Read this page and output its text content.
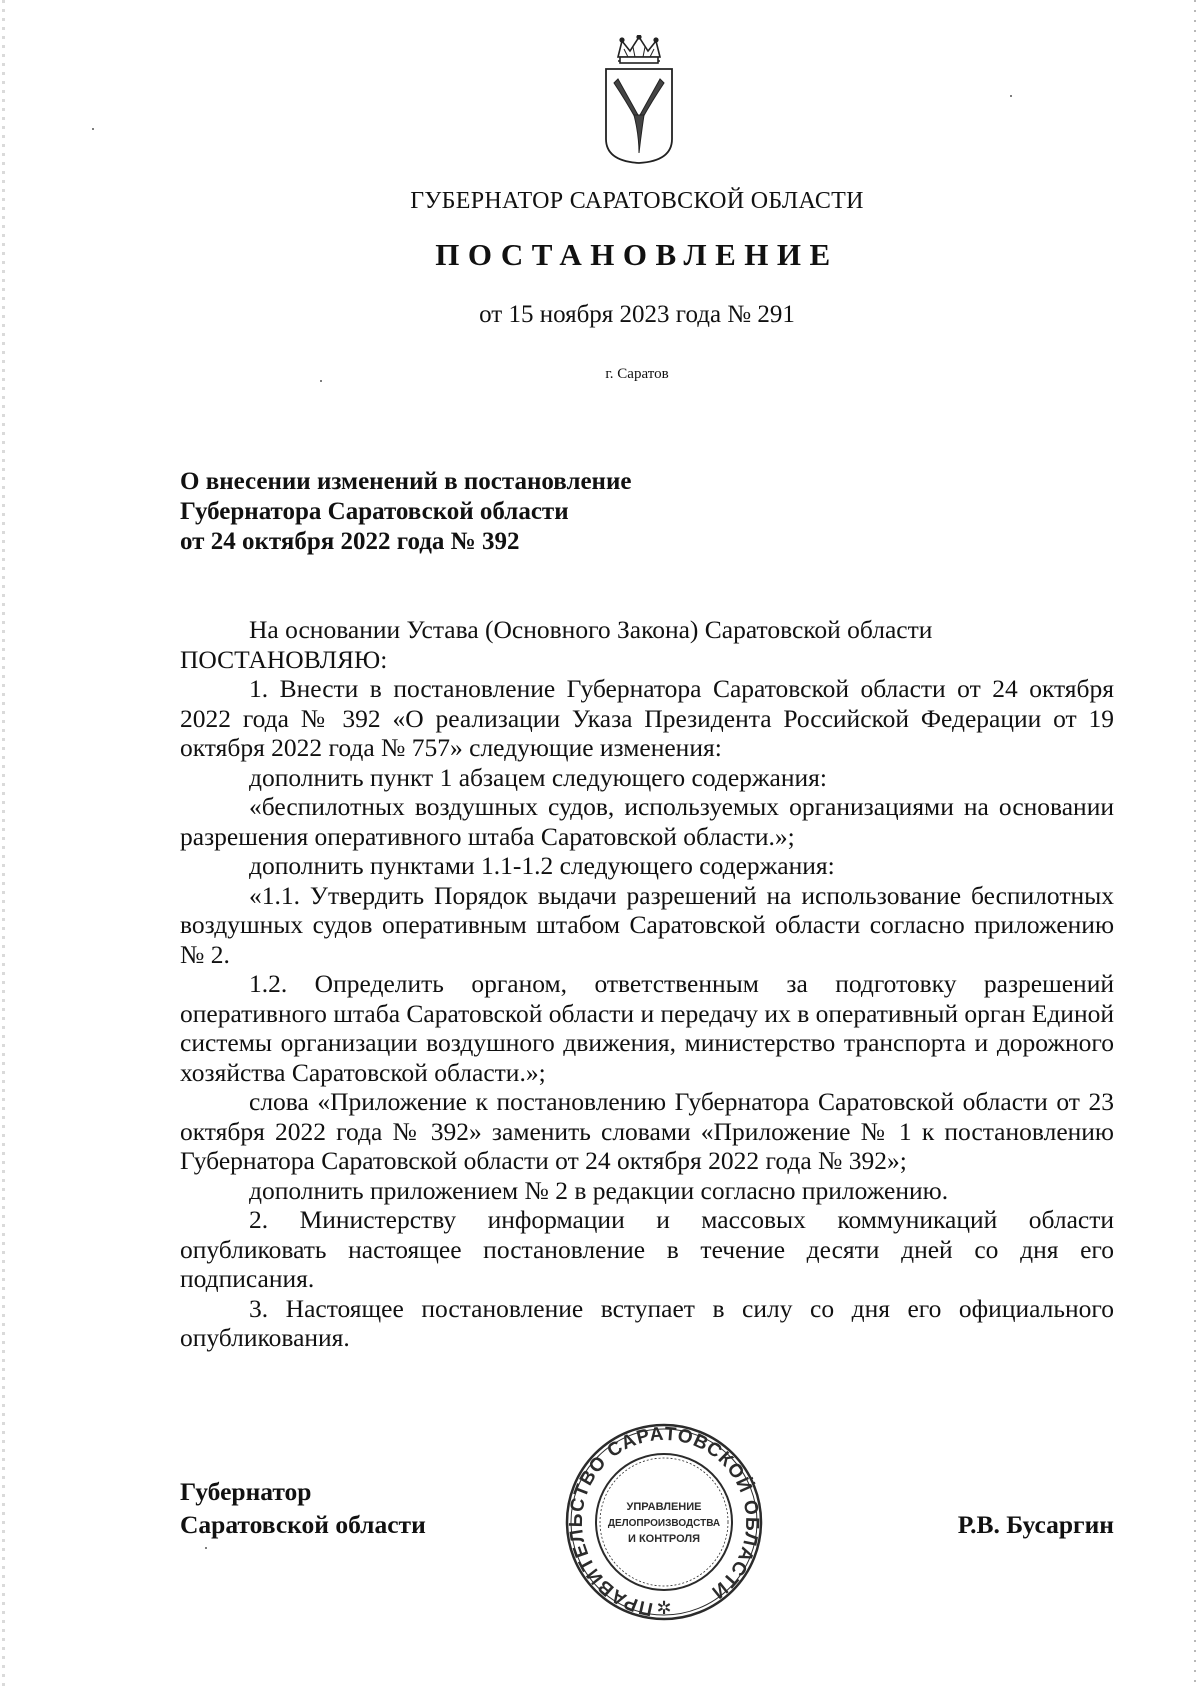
ГУБЕРНАТОР САРАТОВСКОЙ ОБЛАСТИ
ПОСТАНОВЛЕНИЕ
от 15 ноября 2023 года № 291
г. Саратов
О внесении изменений в постановление
Губернатора Саратовской области
от 24 октября 2022 года № 392

На основании Устава (Основного Закона) Саратовской области

ПОСТАНОВЛЯЮ:

1. Внести в постановление Губернатора Саратовской области от 24 октября 2022 года № 392 «О реализации Указа Президента Российской Федерации от 19 октября 2022 года № 757» следующие изменения:

дополнить пункт 1 абзацем следующего содержания:

«беспилотных воздушных судов, используемых организациями на основании разрешения оперативного штаба Саратовской области.»;

дополнить пунктами 1.1-1.2 следующего содержания:

«1.1. Утвердить Порядок выдачи разрешений на использование беспилотных воздушных судов оперативным штабом Саратовской области согласно приложению № 2.

1.2. Определить органом, ответственным за подготовку разрешений оперативного штаба Саратовской области и передачу их в оперативный орган Единой системы организации воздушного движения, министерство транспорта и дорожного хозяйства Саратовской области.»;

слова «Приложение к постановлению Губернатора Саратовской области от 23 октября 2022 года № 392» заменить словами «Приложение № 1 к постановлению Губернатора Саратовской области от 24 октября 2022 года № 392»;

дополнить приложением № 2 в редакции согласно приложению.

2. Министерству информации и массовых коммуникаций области опубликовать настоящее постановление в течение десяти дней со дня его подписания.

3. Настоящее постановление вступает в силу со дня его официального опубликования.

Губернатор
Саратовской области	Р.В. Бусаргин
ПРАВИТЕЛЬСТВО САРАТОВСКОЙ ОБЛАСТИ
УПРАВЛЕНИЕ
ДЕЛОПРОИЗВОДСТВА
И КОНТРОЛЯ
✲
